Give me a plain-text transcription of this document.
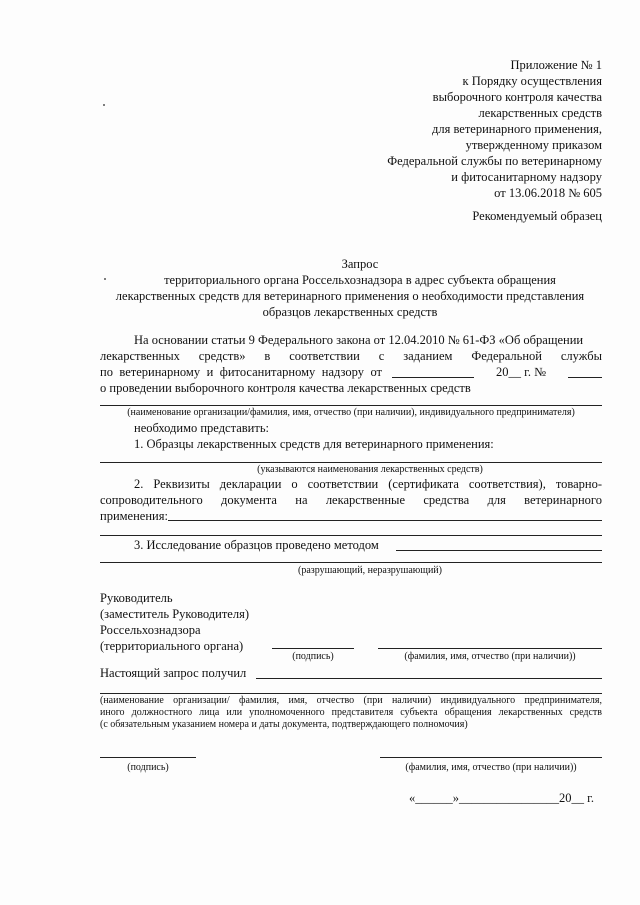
Приложение № 1
к Порядку осуществления
выборочного контроля качества
лекарственных средств
для ветеринарного применения,
утвержденному приказом
Федеральной службы по ветеринарному
и фитосанитарному надзору
от 13.06.2018 № 605
Рекомендуемый образец
Запрос
территориального органа Россельхознадзора в адрес субъекта обращения
лекарственных средств для ветеринарного применения о необходимости представления
образцов лекарственных средств
На основании статьи 9 Федерального закона от 12.04.2010 № 61-ФЗ «Об обращении
лекарственных средств» в соответствии с заданием Федеральной службы
по ветеринарному и фитосанитарному надзору от	20__ г. №
о проведении выборочного контроля качества лекарственных средств
(наименование организации/фамилия, имя, отчество (при наличии), индивидуального предпринимателя)
необходимо представить:
1. Образцы лекарственных средств для ветеринарного применения:
(указываются наименования лекарственных средств)
2. Реквизиты декларации о соответствии (сертификата соответствия), товарно-
сопроводительного документа на лекарственные средства для ветеринарного
применения:
3. Исследование образцов проведено методом
(разрушающий, неразрушающий)
Руководитель
(заместитель Руководителя)
Россельхознадзора
(территориального органа)
(подпись)	(фамилия, имя, отчество (при наличии))
Настоящий запрос получил
(наименование организации/ фамилия, имя, отчество (при наличии) индивидуального предпринимателя,
иного должностного лица или уполномоченного представителя субъекта обращения лекарственных средств
(с обязательным указанием номера и даты документа, подтверждающего полномочия)
(подпись)	(фамилия, имя, отчество (при наличии))
«______»________________20__ г.
